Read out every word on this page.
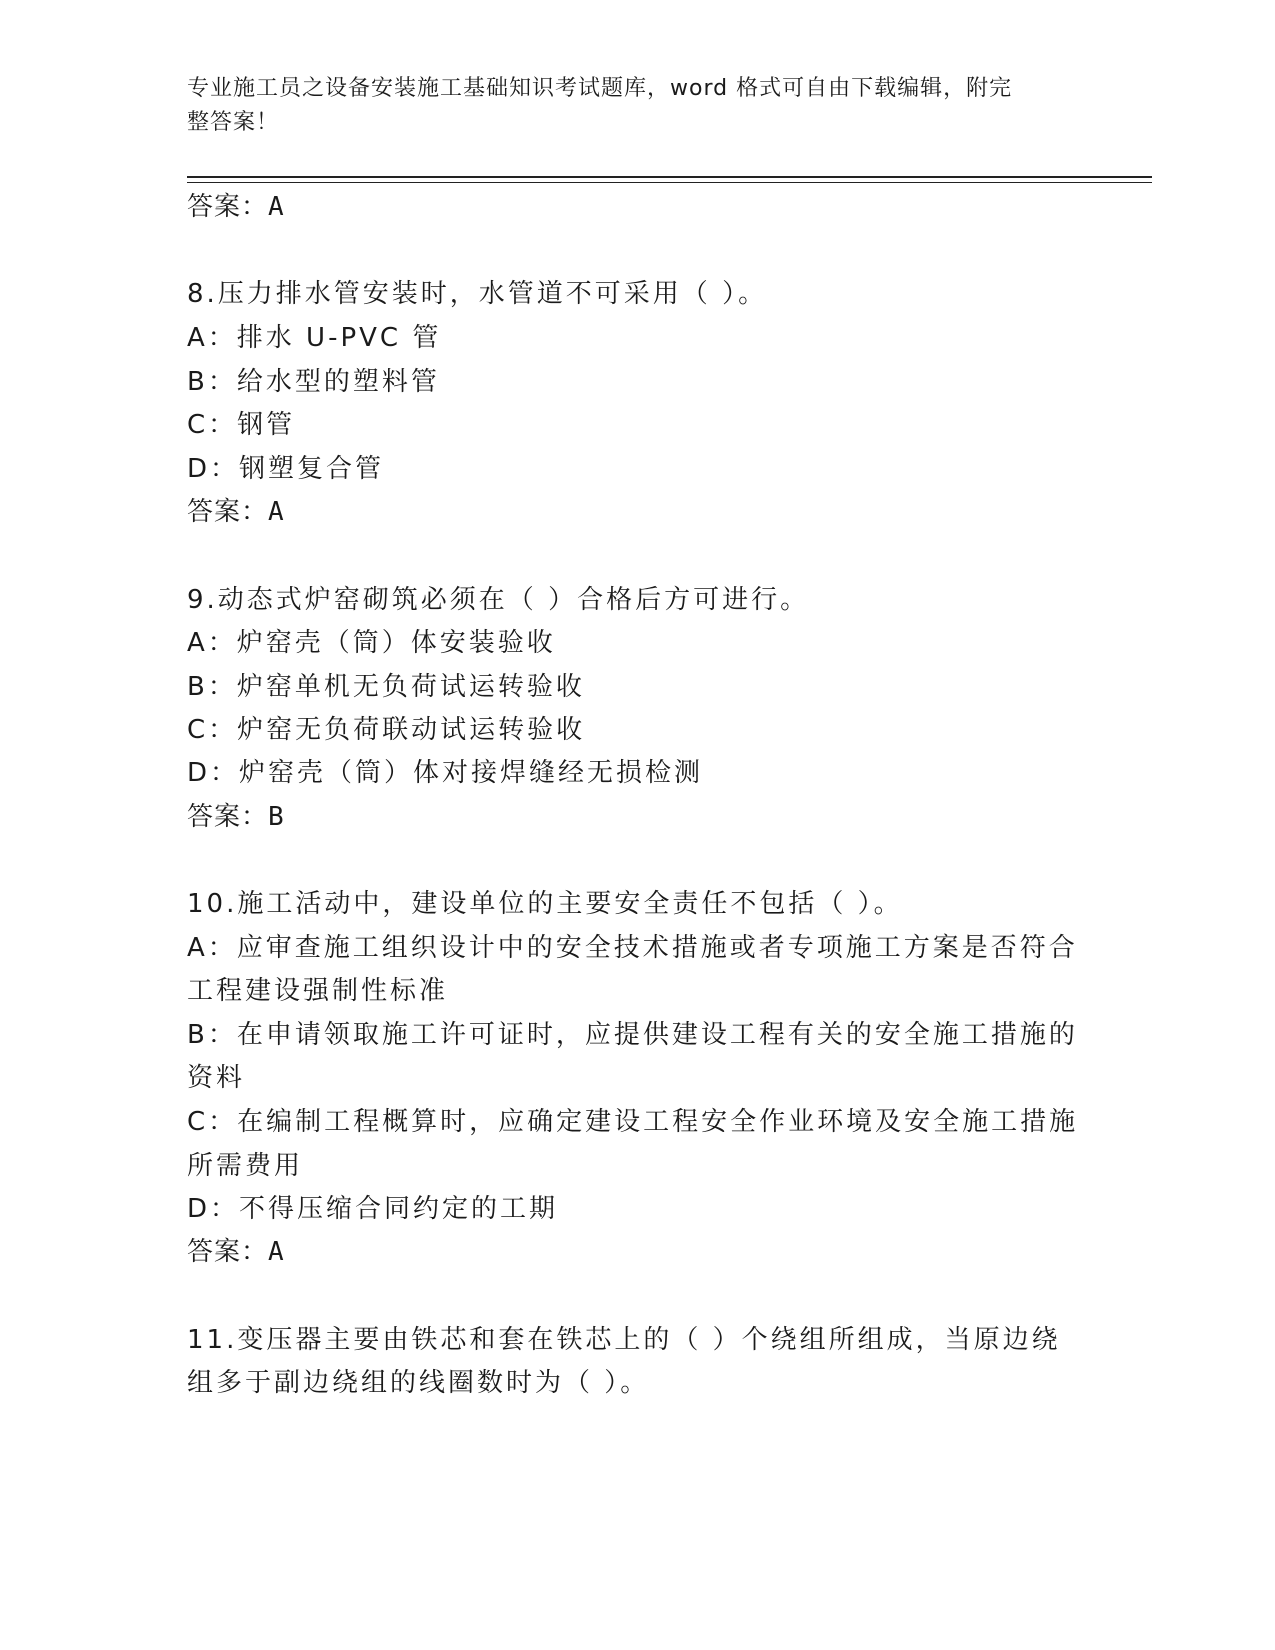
专业施工员之设备安装施工基础知识考试题库，word 格式可自由下载编辑，附完
整答案！
答案：A
8.压力排水管安装时，水管道不可采用（ ）。
A：排水 U-PVC 管
B：给水型的塑料管
C：钢管
D：钢塑复合管
答案：A
9.动态式炉窑砌筑必须在（ ）合格后方可进行。
A：炉窑壳（筒）体安装验收
B：炉窑单机无负荷试运转验收
C：炉窑无负荷联动试运转验收
D：炉窑壳（筒）体对接焊缝经无损检测
答案：B
10.施工活动中，建设单位的主要安全责任不包括（ ）。
A：应审查施工组织设计中的安全技术措施或者专项施工方案是否符合
工程建设强制性标准
B：在申请领取施工许可证时，应提供建设工程有关的安全施工措施的
资料
C：在编制工程概算时，应确定建设工程安全作业环境及安全施工措施
所需费用
D：不得压缩合同约定的工期
答案：A
11.变压器主要由铁芯和套在铁芯上的（ ）个绕组所组成，当原边绕
组多于副边绕组的线圈数时为（ ）。
